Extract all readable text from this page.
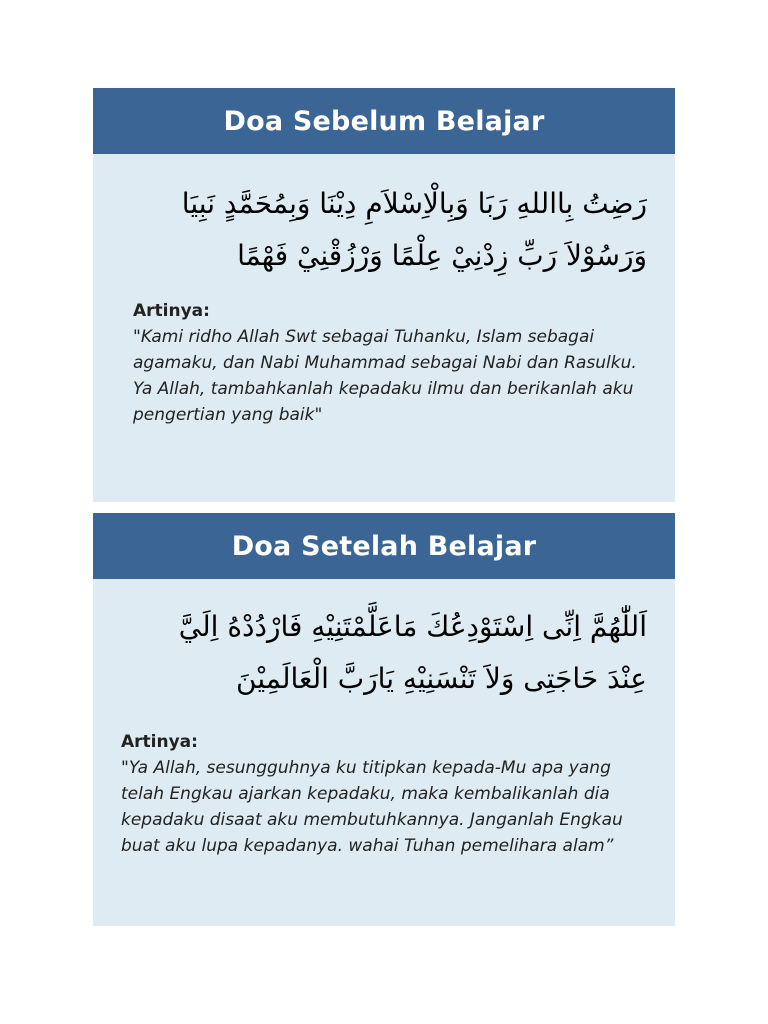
Doa Sebelum Belajar
رَضِتُ بِااللهِ رَبَا وَبِالْاِسْلاَمِ دِيْنَا وَبِمُحَمَّدٍ نَبِيَا
وَرَسُوْلاَ رَبِّ زِدْنِيْ عِلْمًا وَرْزُقْنِيْ فَهْمًا
Artinya:
"Kami ridho Allah Swt sebagai Tuhanku, Islam sebagai agamaku, dan Nabi Muhammad sebagai Nabi dan Rasulku. Ya Allah, tambahkanlah kepadaku ilmu dan berikanlah aku pengertian yang baik"
Doa Setelah Belajar
اَللّٰهُمَّ اِنِّى اِسْتَوْدِعُكَ مَاعَلَّمْتَنِيْهِ فَارْدُدْهُ اِلَيَّ
عِنْدَ حَاجَتِى وَلاَ تَنْسَنِيْهِ يَارَبَّ الْعَالَمِيْنَ
Artinya:
"Ya Allah, sesungguhnya ku titipkan kepada-Mu apa yang telah Engkau ajarkan kepadaku, maka kembalikanlah dia kepadaku disaat aku membutuhkannya. Janganlah Engkau buat aku lupa kepadanya. wahai Tuhan pemelihara alam”
